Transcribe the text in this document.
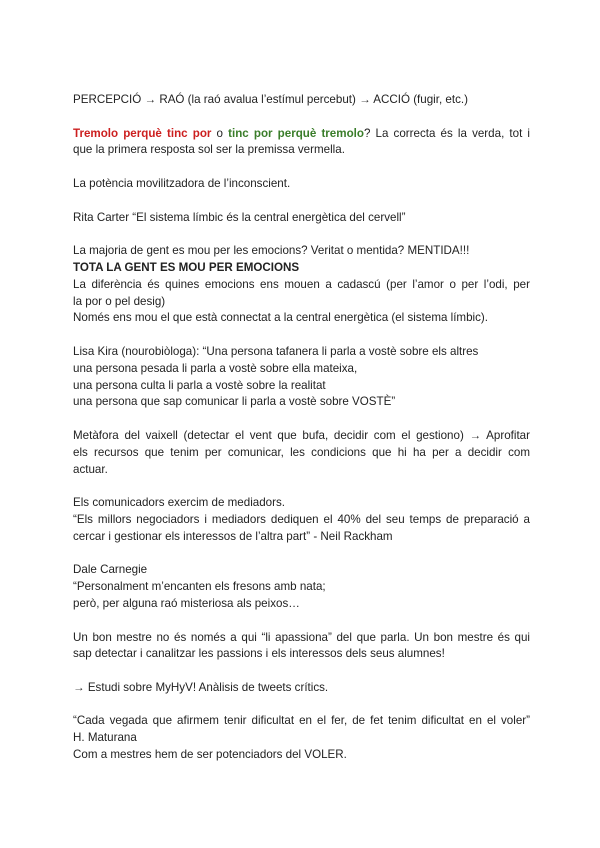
PERCEPCIÓ → RAÓ (la raó avalua l’estímul percebut) → ACCIÓ (fugir, etc.)
Tremolo perquè tinc por o tinc por perquè tremolo? La correcta és la verda, tot i
que la primera resposta sol ser la premissa vermella.
La potència movilitzadora de l’inconscient.
Rita Carter “El sistema límbic és la central energètica del cervell”
La majoria de gent es mou per les emocions? Veritat o mentida? MENTIDA!!!
TOTA LA GENT ES MOU PER EMOCIONS
La diferència és quines emocions ens mouen a cadascú (per l’amor o per l’odi, per
la por o pel desig)
Només ens mou el que està connectat a la central energètica (el sistema límbic).
Lisa Kira (nourobiòloga): “Una persona tafanera li parla a vostè sobre els altres
una persona pesada li parla a vostè sobre ella mateixa,
una persona culta li parla a vostè sobre la realitat
una persona que sap comunicar li parla a vostè sobre VOSTÈ”
Metàfora del vaixell (detectar el vent que bufa, decidir com el gestiono) → Aprofitar
els recursos que tenim per comunicar, les condicions que hi ha per a decidir com
actuar.
Els comunicadors exercim de mediadors.
“Els millors negociadors i mediadors dediquen el 40% del seu temps de preparació a
cercar i gestionar els interessos de l’altra part” - Neil Rackham
Dale Carnegie
“Personalment m’encanten els fresons amb nata;
però, per alguna raó misteriosa als peixos…
Un bon mestre no és només a qui “li apassiona” del que parla. Un bon mestre és qui
sap detectar i canalitzar les passions i els interessos dels seus alumnes!
→ Estudi sobre MyHyV! Anàlisis de tweets crítics.
“Cada vegada que afirmem tenir dificultat en el fer, de fet tenim dificultat en el voler”
H. Maturana
Com a mestres hem de ser potenciadors del VOLER.
